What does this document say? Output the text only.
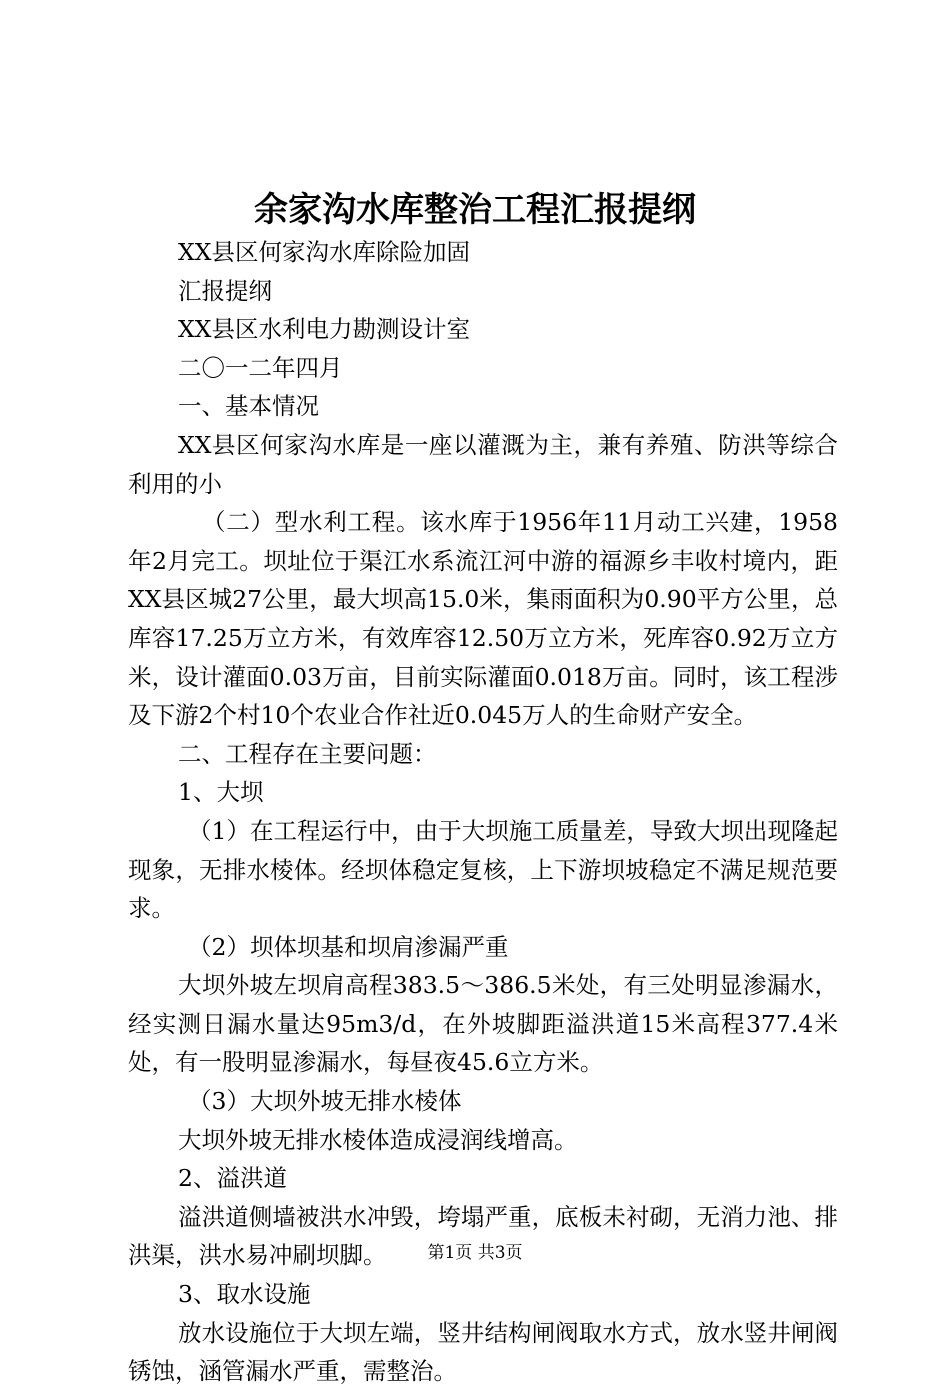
余家沟水库整治工程汇报提纲

XX县区何家沟水库除险加固

汇报提纲

XX县区水利电力勘测设计室

二〇一二年四月

一、基本情况

XX县区何家沟水库是一座以灌溉为主，兼有养殖、防洪等综合利用的小

（二）型水利工程。该水库于1956年11月动工兴建，1958年2月完工。坝址位于渠江水系流江河中游的福源乡丰收村境内，距XX县区城27公里，最大坝高15.0米，集雨面积为0.90平方公里，总库容17.25万立方米，有效库容12.50万立方米，死库容0.92万立方米，设计灌面0.03万亩，目前实际灌面0.018万亩。同时，该工程涉及下游2个村10个农业合作社近0.045万人的生命财产安全。

二、工程存在主要问题：

1、大坝

（1）在工程运行中，由于大坝施工质量差，导致大坝出现隆起现象，无排水棱体。经坝体稳定复核，上下游坝坡稳定不满足规范要求。

（2）坝体坝基和坝肩渗漏严重

大坝外坡左坝肩高程383.5～386.5米处，有三处明显渗漏水，经实测日漏水量达95m3/d，在外坡脚距溢洪道15米高程377.4米处，有一股明显渗漏水，每昼夜45.6立方米。

（3）大坝外坡无排水棱体

大坝外坡无排水棱体造成浸润线增高。

2、溢洪道

溢洪道侧墙被洪水冲毁，垮塌严重，底板未衬砌，无消力池、排洪渠，洪水易冲刷坝脚。

3、取水设施

放水设施位于大坝左端，竖井结构闸阀取水方式，放水竖井闸阀锈蚀，涵管漏水严重，需整治。

第1页 共3页
